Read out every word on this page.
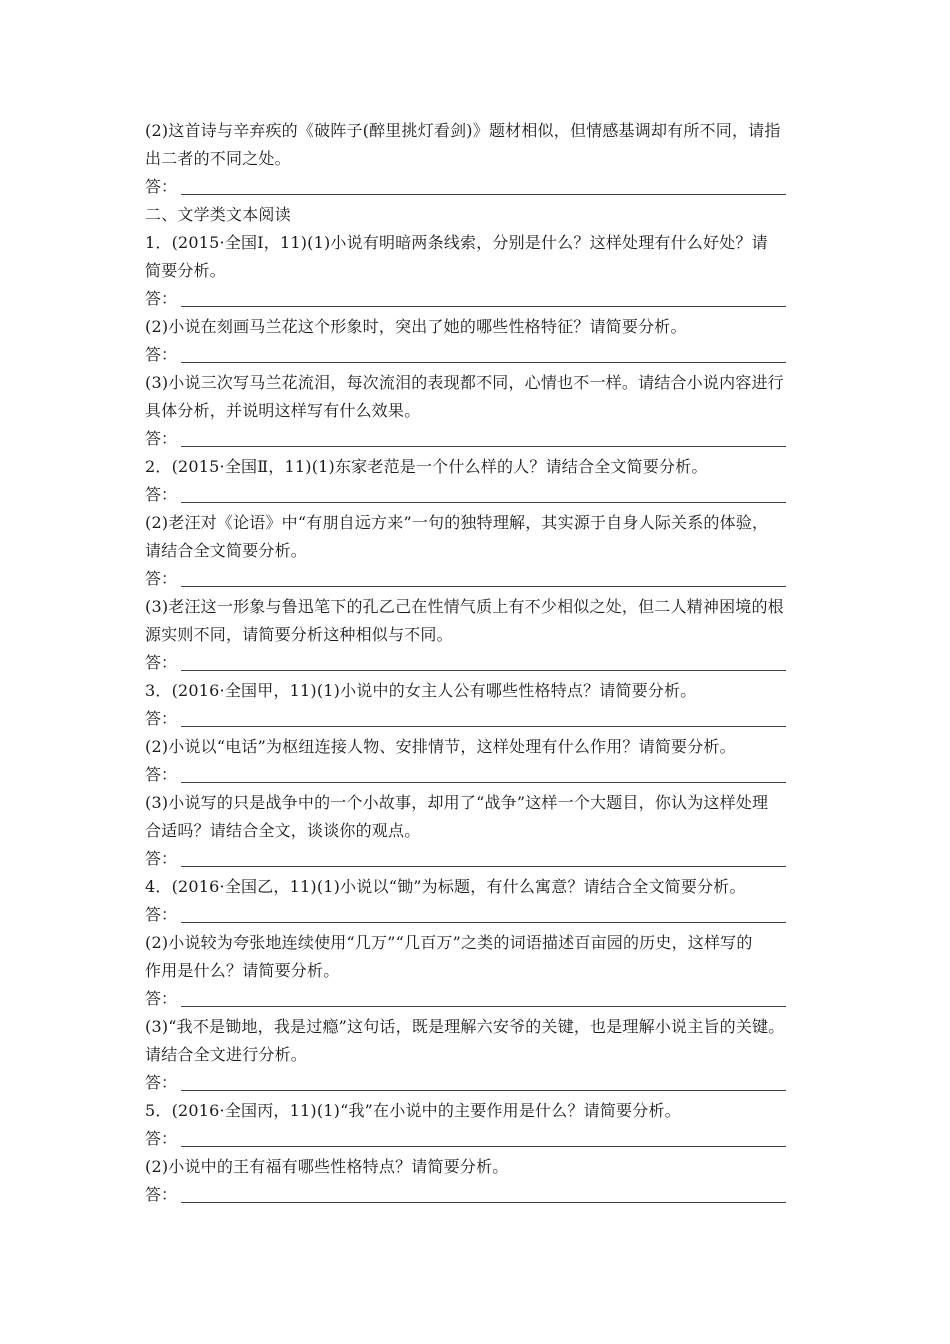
(2)这首诗与辛弃疾的《破阵子(醉里挑灯看剑)》题材相似，但情感基调却有所不同，请指
出二者的不同之处。
答：
二、文学类文本阅读
1．(2015·全国Ⅰ，11)(1)小说有明暗两条线索，分别是什么？这样处理有什么好处？请
简要分析。
答：
(2)小说在刻画马兰花这个形象时，突出了她的哪些性格特征？请简要分析。
答：
(3)小说三次写马兰花流泪，每次流泪的表现都不同，心情也不一样。请结合小说内容进行
具体分析，并说明这样写有什么效果。
答：
2．(2015·全国Ⅱ，11)(1)东家老范是一个什么样的人？请结合全文简要分析。
答：
(2)老汪对《论语》中“有朋自远方来”一句的独特理解，其实源于自身人际关系的体验，
请结合全文简要分析。
答：
(3)老汪这一形象与鲁迅笔下的孔乙己在性情气质上有不少相似之处，但二人精神困境的根
源实则不同，请简要分析这种相似与不同。
答：
3．(2016·全国甲，11)(1)小说中的女主人公有哪些性格特点？请简要分析。
答：
(2)小说以“电话”为枢纽连接人物、安排情节，这样处理有什么作用？请简要分析。
答：
(3)小说写的只是战争中的一个小故事，却用了“战争”这样一个大题目，你认为这样处理
合适吗？请结合全文，谈谈你的观点。
答：
4．(2016·全国乙，11)(1)小说以“锄”为标题，有什么寓意？请结合全文简要分析。
答：
(2)小说较为夸张地连续使用“几万”“几百万”之类的词语描述百亩园的历史，这样写的
作用是什么？请简要分析。
答：
(3)“我不是锄地，我是过瘾”这句话，既是理解六安爷的关键，也是理解小说主旨的关键。
请结合全文进行分析。
答：
5．(2016·全国丙，11)(1)“我”在小说中的主要作用是什么？请简要分析。
答：
(2)小说中的王有福有哪些性格特点？请简要分析。
答：
